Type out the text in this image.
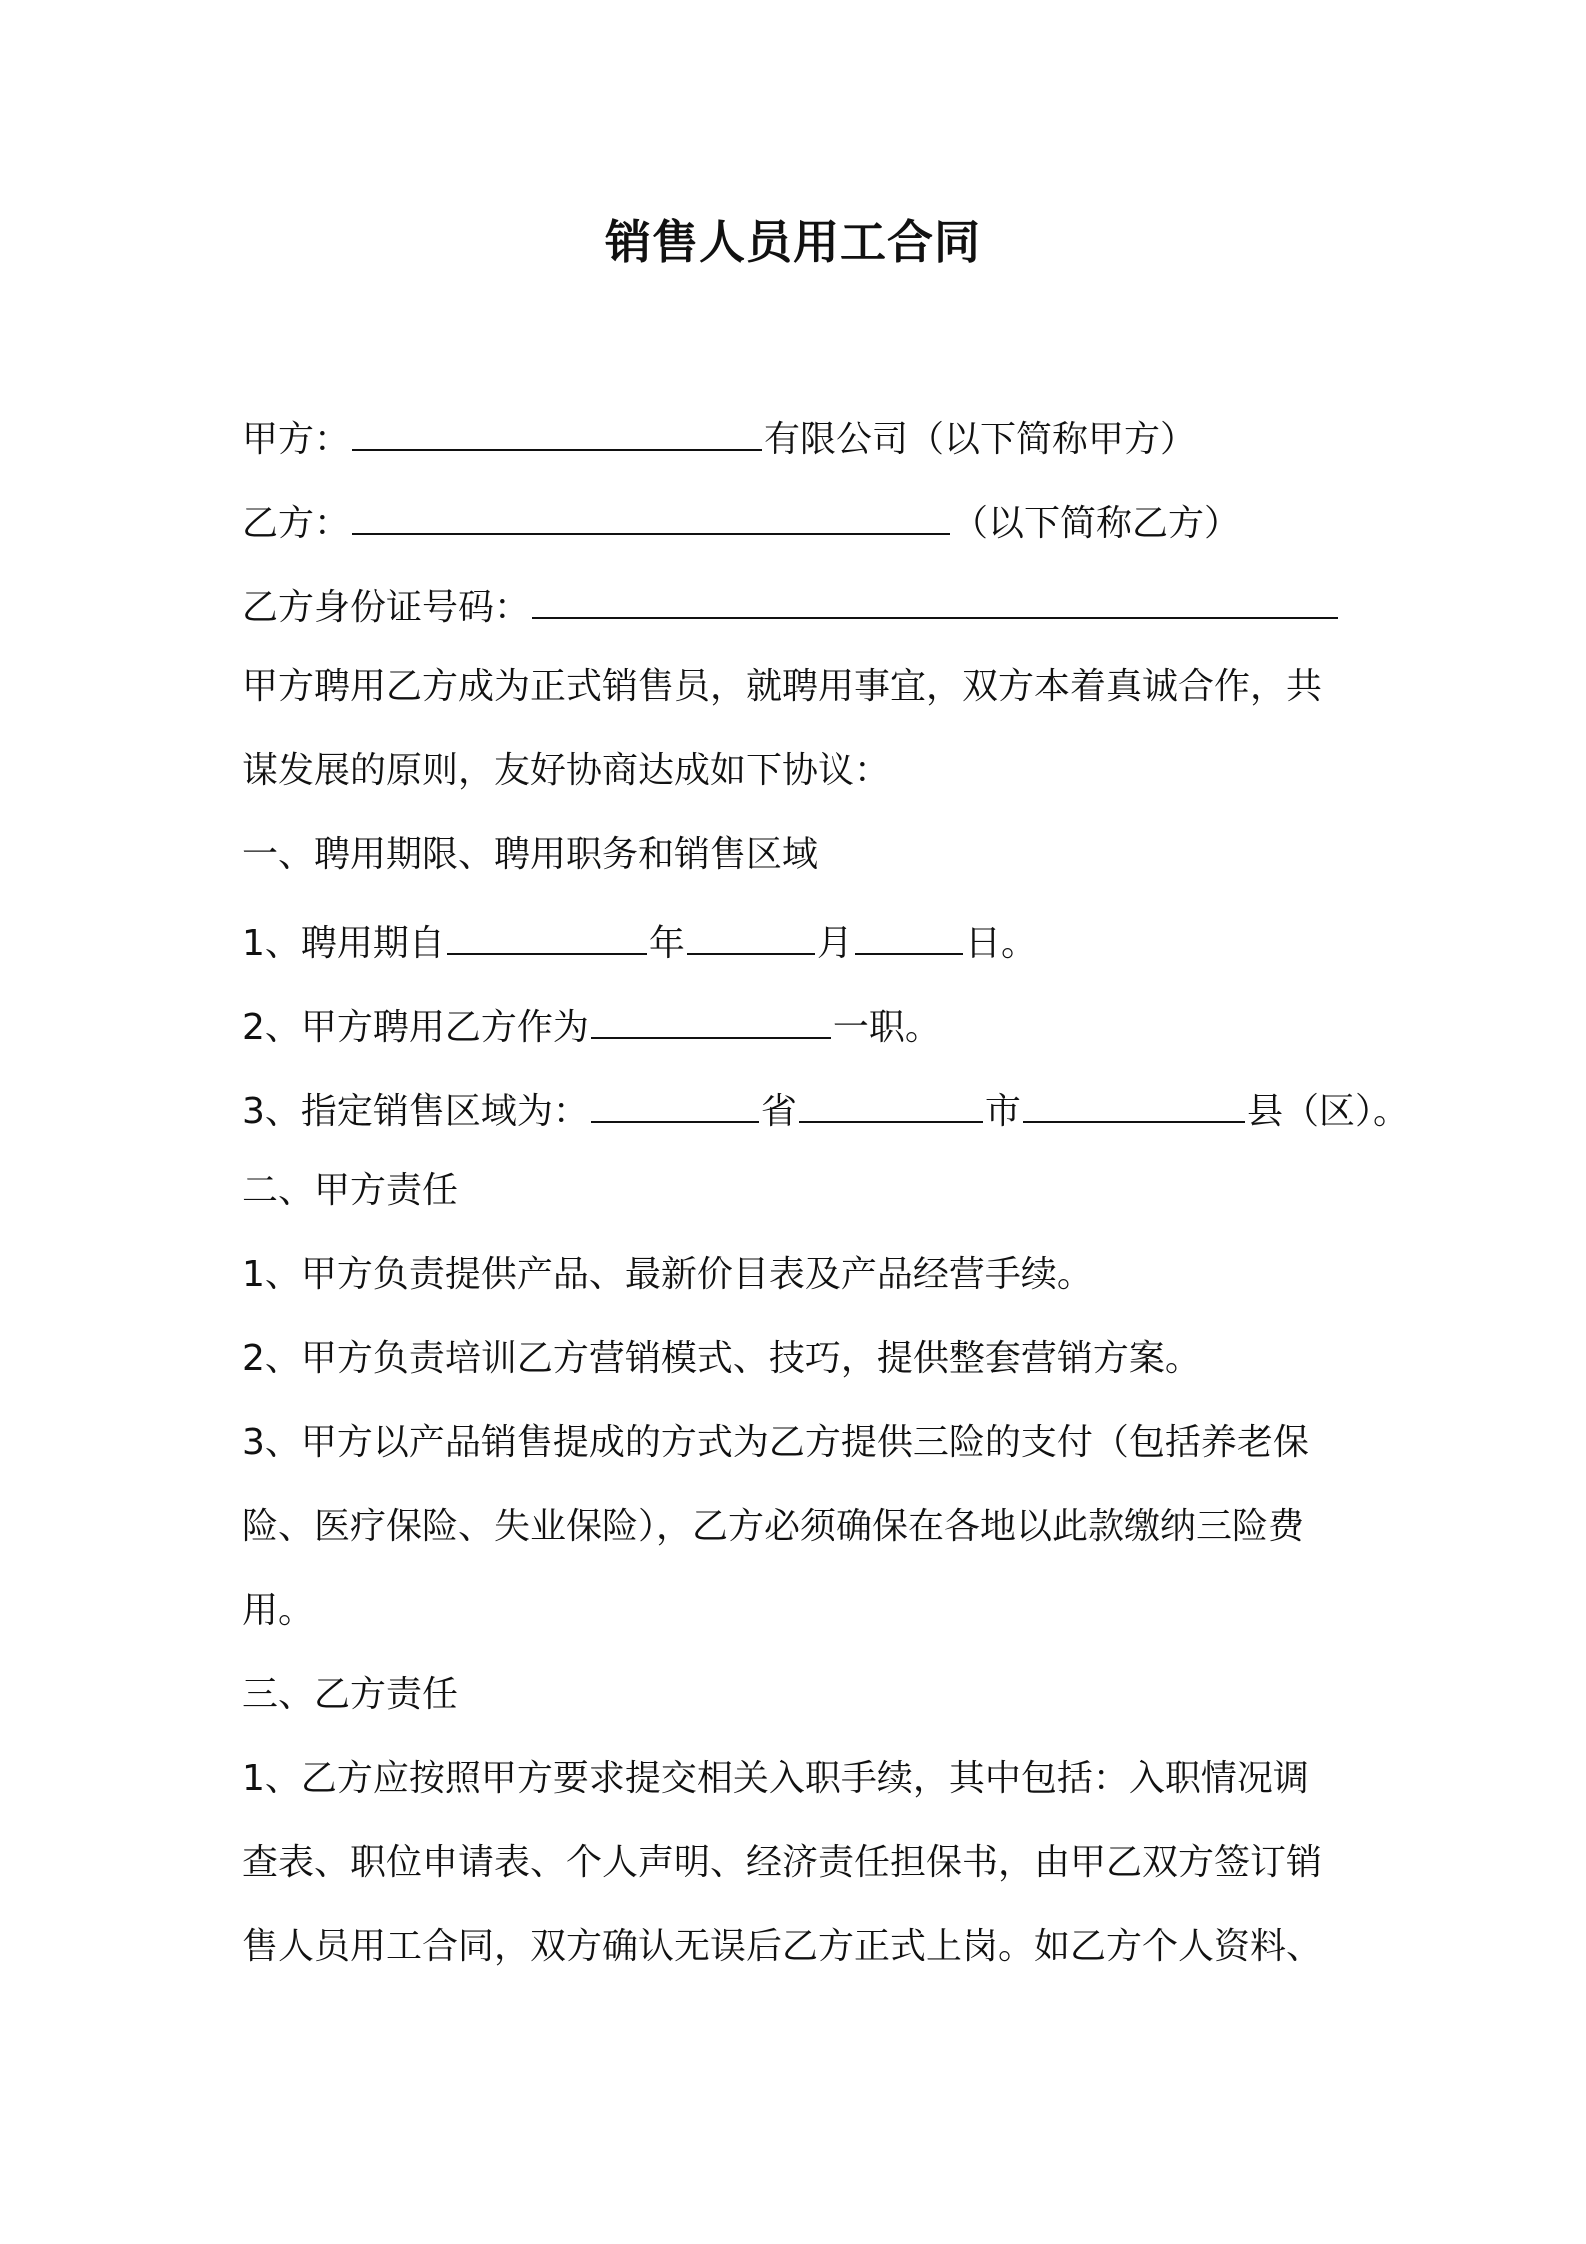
销售人员用工合同
甲方：	有限公司（以下简称甲方）
乙方：	（以下简称乙方）
乙方身份证号码：
甲方聘用乙方成为正式销售员，就聘用事宜，双方本着真诚合作，共
谋发展的原则，友好协商达成如下协议：
一、聘用期限、聘用职务和销售区域
1、聘用期自	年	月	日。
2、甲方聘用乙方作为	一职。
3、指定销售区域为：	省	市	县（区）。
二、甲方责任
1、甲方负责提供产品、最新价目表及产品经营手续。
2、甲方负责培训乙方营销模式、技巧，提供整套营销方案。
3、甲方以产品销售提成的方式为乙方提供三险的支付（包括养老保
险、医疗保险、失业保险），乙方必须确保在各地以此款缴纳三险费
用。
三、乙方责任
1、乙方应按照甲方要求提交相关入职手续，其中包括：入职情况调
查表、职位申请表、个人声明、经济责任担保书，由甲乙双方签订销
售人员用工合同，双方确认无误后乙方正式上岗。如乙方个人资料、
